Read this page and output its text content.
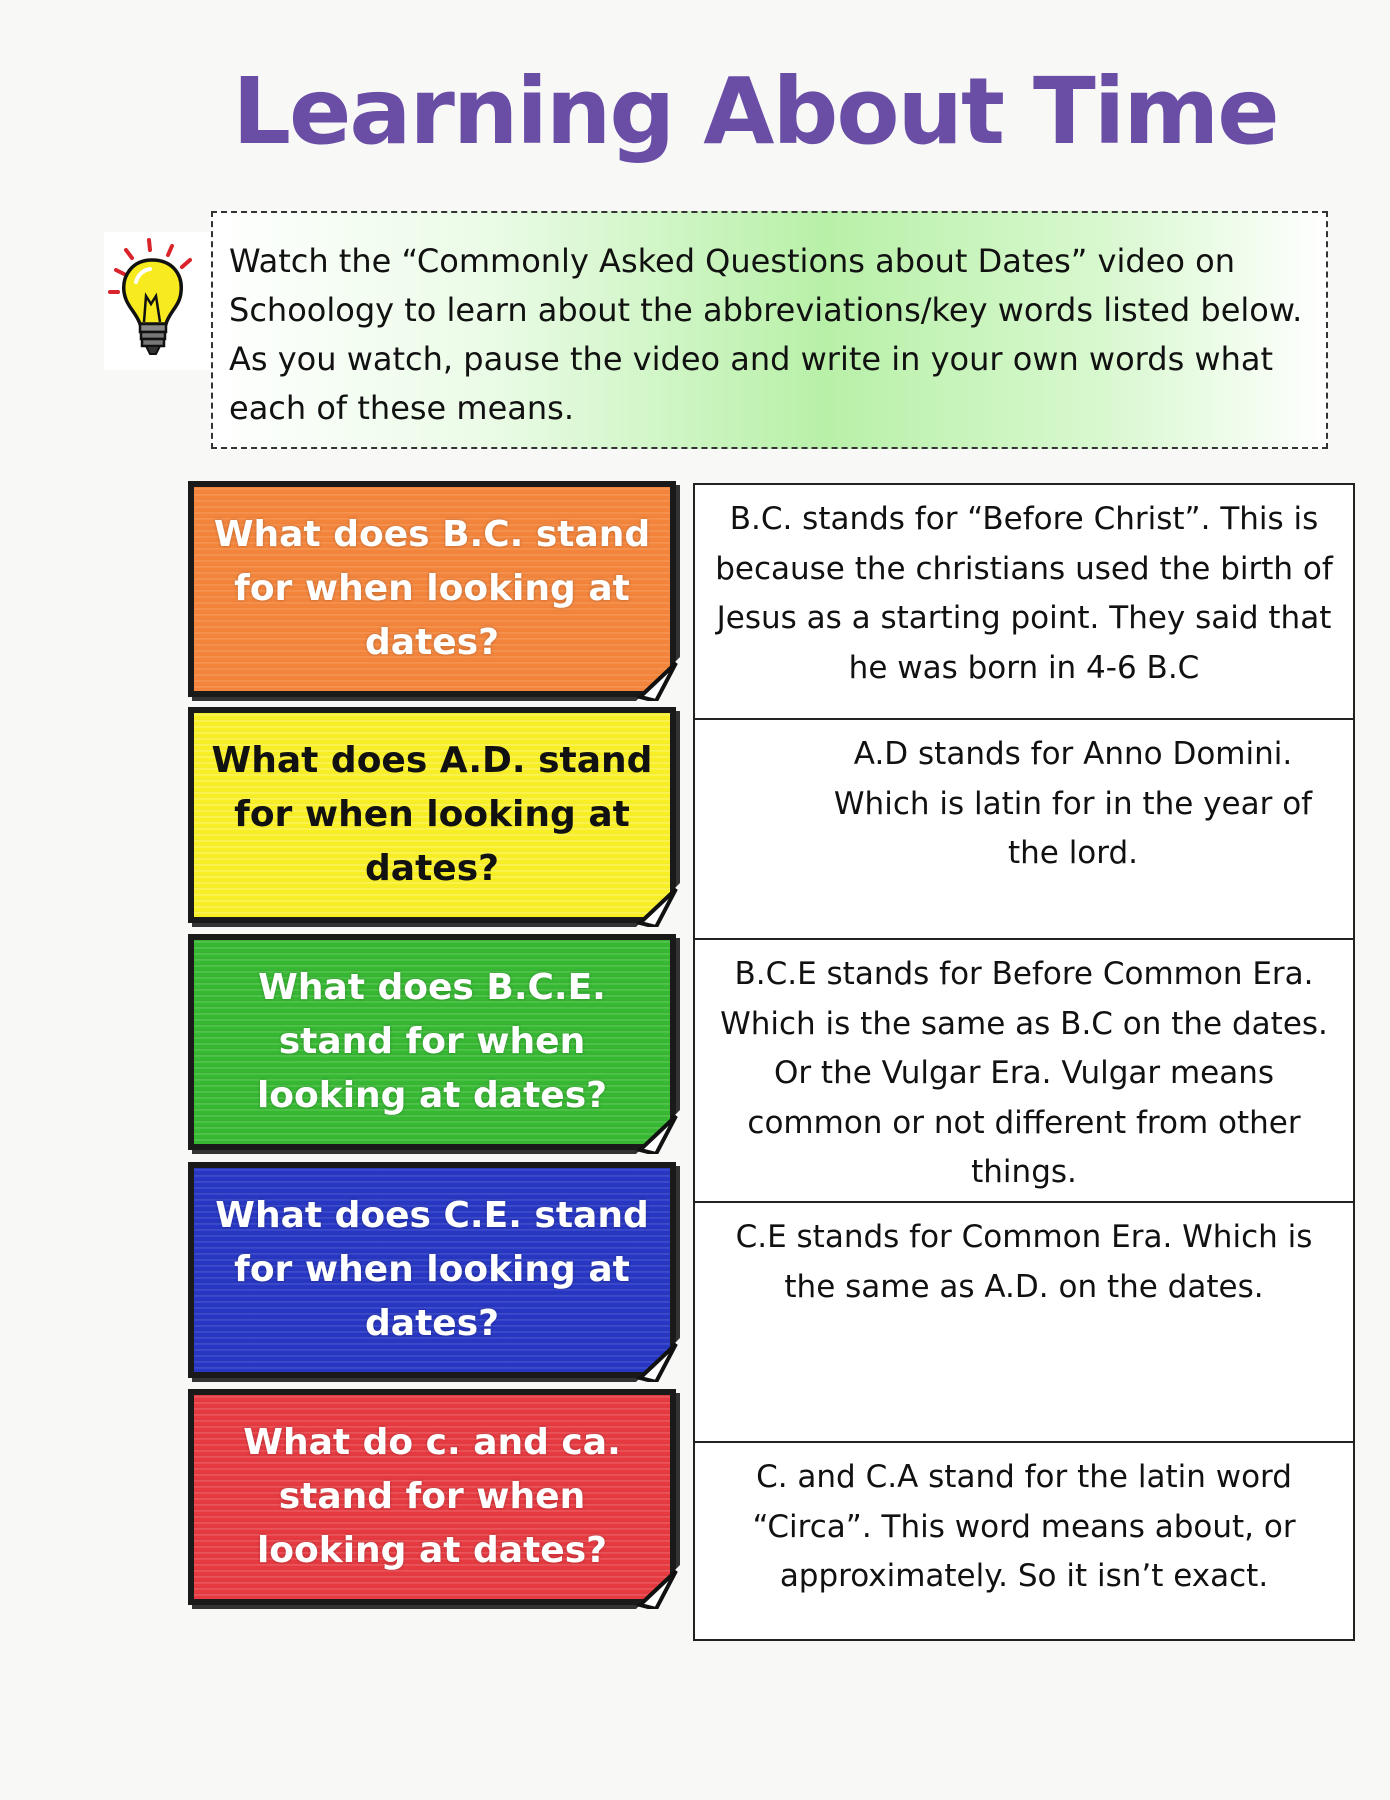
Learning About Time
Watch the “Commonly Asked Questions about Dates” video on Schoology to learn about the abbreviations/key words listed below. As you watch, pause the video and write in your own words what each of these means.
What does B.C. stand for when looking at dates?
What does A.D. stand for when looking at dates?
What does B.C.E. stand for when looking at dates?
What does C.E. stand for when looking at dates?
What do c. and ca. stand for when looking at dates?
B.C. stands for “Before Christ”. This is because the christians used the birth of Jesus as a starting point. They said that he was born in 4-6 B.C
A.D stands for Anno Domini. Which is latin for in the year of the lord.
B.C.E stands for Before Common Era. Which is the same as B.C on the dates. Or the Vulgar Era. Vulgar means common or not different from other things.
C.E stands for Common Era. Which is the same as A.D. on the dates.
C. and C.A stand for the latin word “Circa”. This word means about, or approximately. So it isn’t exact.
